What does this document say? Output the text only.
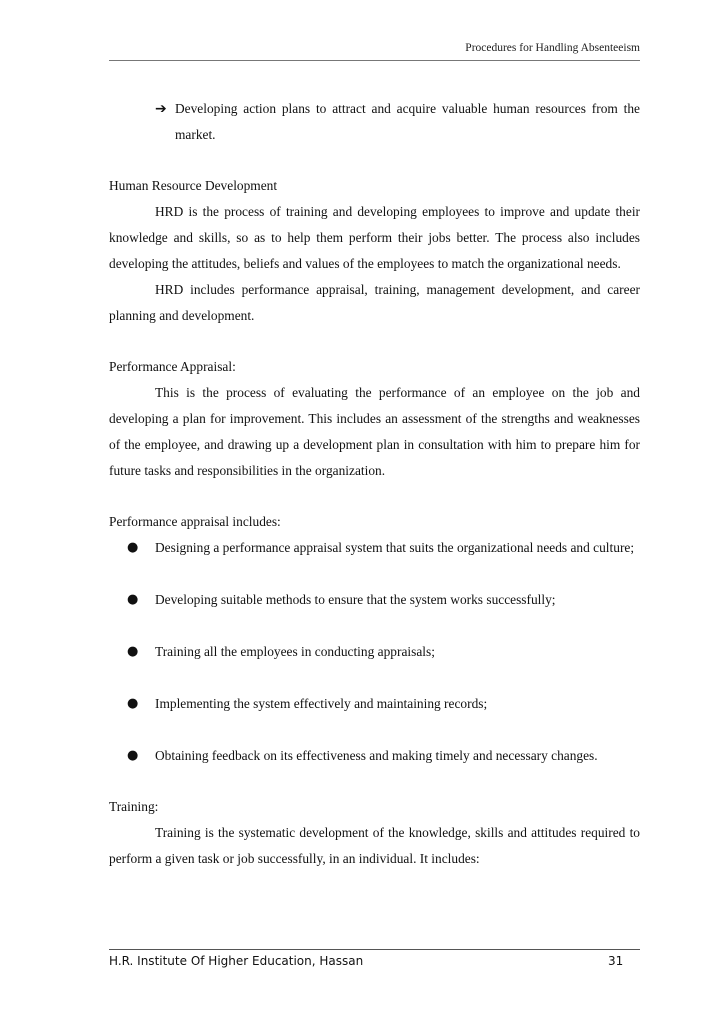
Procedures for Handling Absenteeism
➔ Developing action plans to attract and acquire valuable human resources from the market.
Human Resource Development

HRD is the process of training and developing employees to improve and update their knowledge and skills, so as to help them perform their jobs better. The process also includes developing the attitudes, beliefs and values of the employees to match the organizational needs.

HRD includes performance appraisal, training, management development, and career planning and development.

Performance Appraisal:

This is the process of evaluating the performance of an employee on the job and developing a plan for improvement. This includes an assessment of the strengths and weaknesses of the employee, and drawing up a development plan in consultation with him to prepare him for future tasks and responsibilities in the organization.

Performance appraisal includes:
● Designing a performance appraisal system that suits the organizational needs and culture;
● Developing suitable methods to ensure that the system works successfully;
● Training all the employees in conducting appraisals;
● Implementing the system effectively and maintaining records;
● Obtaining feedback on its effectiveness and making timely and necessary changes.
Training:

Training is the systematic development of the knowledge, skills and attitudes required to perform a given task or job successfully, in an individual. It includes:

H.R. Institute Of Higher Education, Hassan	31
